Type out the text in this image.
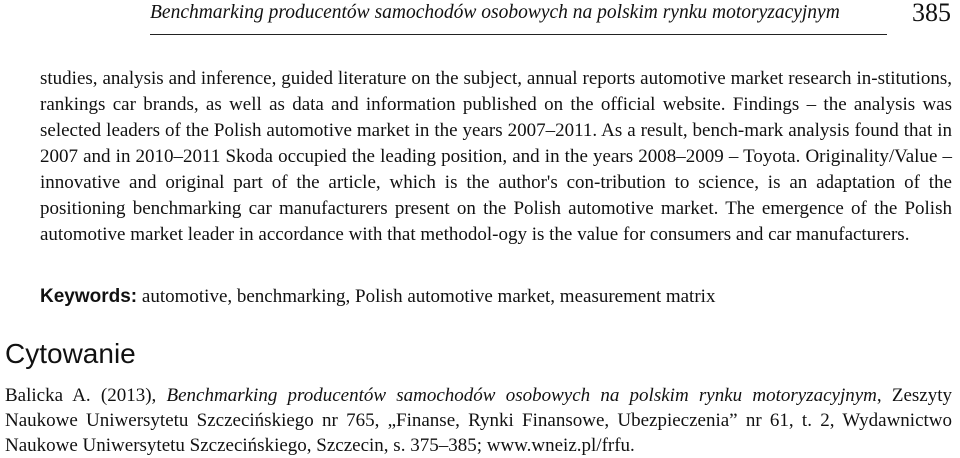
Benchmarking producentów samochodów osobowych na polskim rynku motoryzacyjnym	385

studies, analysis and inference, guided literature on the subject, annual reports automotive market research in-stitutions, rankings car brands, as well as data and information published on the official website. Findings – the analysis was selected leaders of the Polish automotive market in the years 2007–2011. As a result, bench-mark analysis found that in 2007 and in 2010–2011 Skoda occupied the leading position, and in the years 2008–2009 – Toyota. Originality/Value – innovative and original part of the article, which is the author's con-tribution to science, is an adaptation of the positioning benchmarking car manufacturers present on the Polish automotive market. The emergence of the Polish automotive market leader in accordance with that methodol-ogy is the value for consumers and car manufacturers.

Keywords: automotive, benchmarking, Polish automotive market, measurement matrix

Cytowanie

Balicka A. (2013), Benchmarking producentów samochodów osobowych na polskim rynku motoryzacyjnym, Zeszyty Naukowe Uniwersytetu Szczecińskiego nr 765, „Finanse, Rynki Finansowe, Ubezpieczenia” nr 61, t. 2, Wydawnictwo Naukowe Uniwersytetu Szczecińskiego, Szczecin, s. 375–385; www.wneiz.pl/frfu.
